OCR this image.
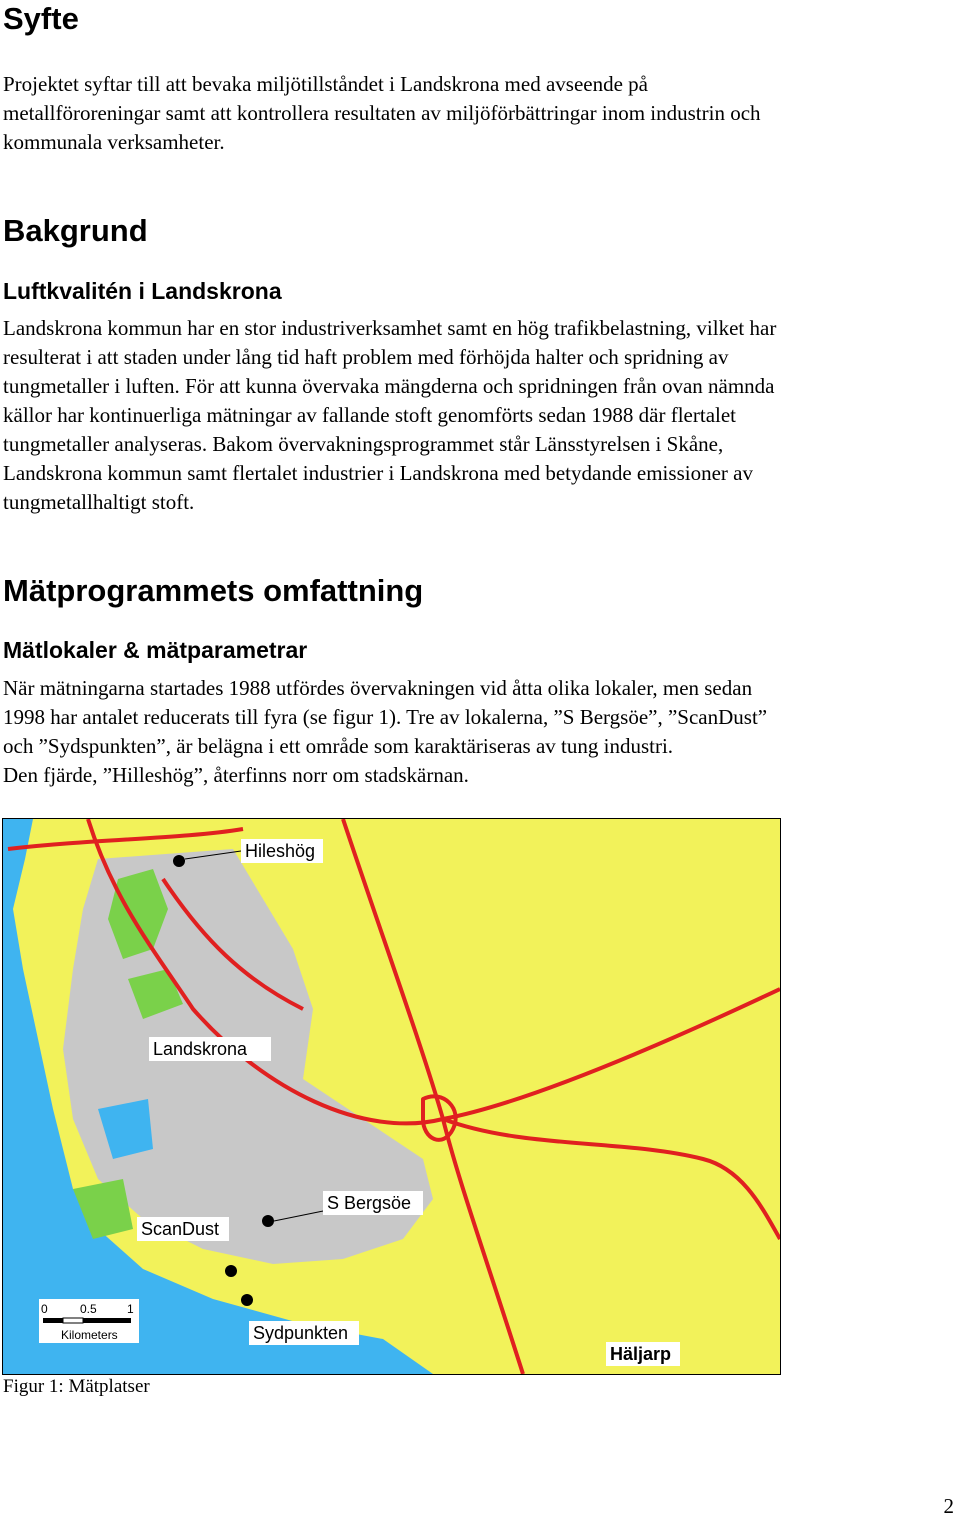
Syfte
Projektet syftar till att bevaka miljötillståndet i Landskrona med avseende på
metallföroreningar samt att kontrollera resultaten av miljöförbättringar inom industrin och
kommunala verksamheter.
Bakgrund
Luftkvalitén i Landskrona
Landskrona kommun har en stor industriverksamhet samt en hög trafikbelastning, vilket har
resulterat i att staden under lång tid haft problem med förhöjda halter och spridning av
tungmetaller i luften. För att kunna övervaka mängderna och spridningen från ovan nämnda
källor har kontinuerliga mätningar av fallande stoft genomförts sedan 1988 där flertalet
tungmetaller analyseras. Bakom övervakningsprogrammet står Länsstyrelsen i Skåne,
Landskrona kommun samt flertalet industrier i Landskrona med betydande emissioner av
tungmetallhaltigt stoft.
Mätprogrammets omfattning
Mätlokaler & mätparametrar
När mätningarna startades 1988 utfördes övervakningen vid åtta olika lokaler, men sedan
1998 har antalet reducerats till fyra (se figur 1). Tre av lokalerna, ”S Bergsöe”, ”ScanDust”
och ”Sydspunkten”, är belägna i ett område som karaktäriseras av tung industri.
Den fjärde, ”Hilleshög”, återfinns norr om stadskärnan.
Hileshög
Landskrona
S Bergsöe
ScanDust
Sydpunkten
Häljarp
0	0.5	1
Kilometers
Figur 1: Mätplatser
2
